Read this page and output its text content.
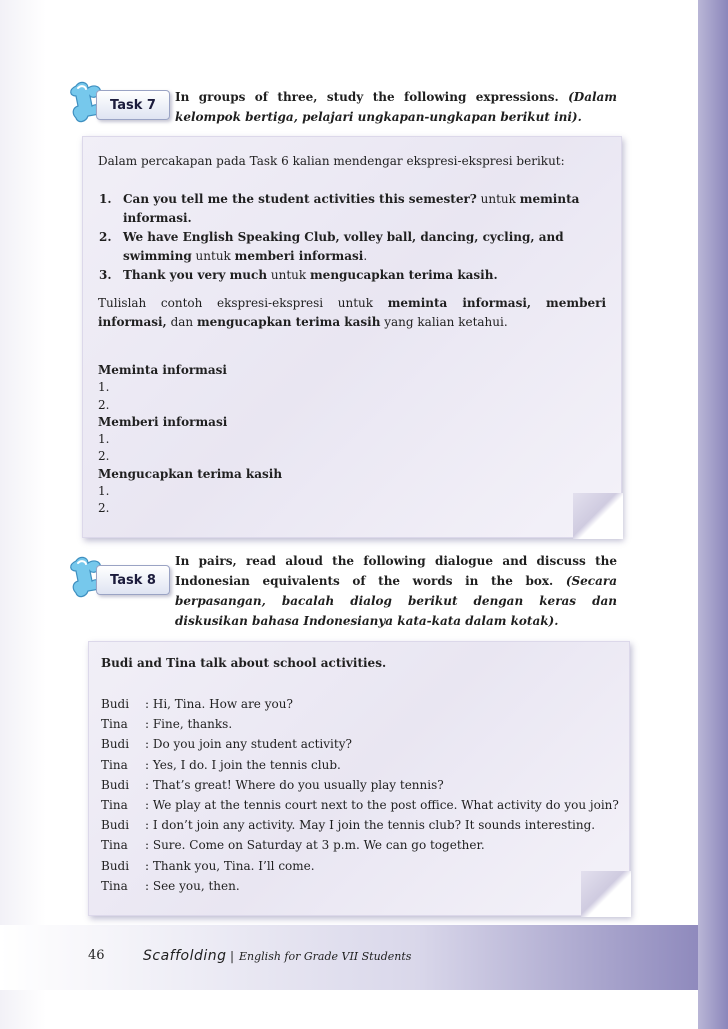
Task 7
In groups of three, study the following expressions. (Dalam kelompok bertiga, pelajari ungkapan-ungkapan berikut ini).
Dalam percakapan pada Task 6 kalian mendengar ekspresi-ekspresi berikut:
1. Can you tell me the student activities this semester? untuk meminta informasi.
2. We have English Speaking Club, volley ball, dancing, cycling, and swimming untuk memberi informasi.
3. Thank you very much untuk mengucapkan terima kasih.
Tulislah contoh ekspresi-ekspresi untuk meminta informasi, memberi informasi, dan mengucapkan terima kasih yang kalian ketahui.
Meminta informasi
1.
2.
Memberi informasi
1.
2.
Mengucapkan terima kasih
1.
2.
Task 8
In pairs, read aloud the following dialogue and discuss the Indonesian equivalents of the words in the box. (Secara berpasangan, bacalah dialog berikut dengan keras dan diskusikan bahasa Indonesianya kata-kata dalam kotak).
Budi and Tina talk about school activities.
Budi : Hi, Tina. How are you?
Tina : Fine, thanks.
Budi : Do you join any student activity?
Tina : Yes, I do. I join the tennis club.
Budi : That’s great! Where do you usually play tennis?
Tina : We play at the tennis court next to the post office. What activity do you join?
Budi : I don’t join any activity. May I join the tennis club? It sounds interesting.
Tina : Sure. Come on Saturday at 3 p.m. We can go together.
Budi : Thank you, Tina. I’ll come.
Tina : See you, then.
46	Scaffolding | English for Grade VII Students
